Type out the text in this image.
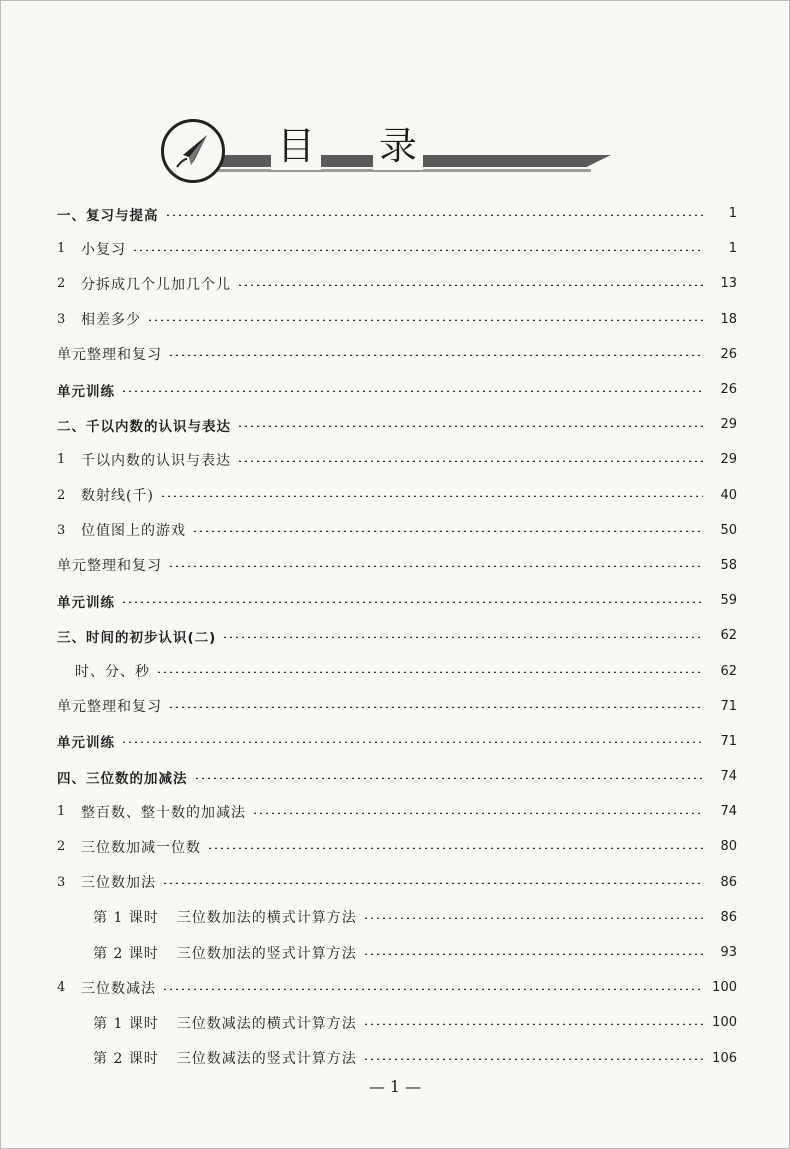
目 录
一、复习与提高	1
1	小复习	1
2	分拆成几个儿加几个儿	13
3	相差多少	18
单元整理和复习	26
单元训练	26
二、千以内数的认识与表达	29
1	千以内数的认识与表达	29
2	数射线(千)	40
3	位值图上的游戏	50
单元整理和复习	58
单元训练	59
三、时间的初步认识(二)	62
时、分、秒	62
单元整理和复习	71
单元训练	71
四、三位数的加减法	74
1	整百数、整十数的加减法	74
2	三位数加减一位数	80
3	三位数加法	86
第 1 课时 三位数加法的横式计算方法	86
第 2 课时 三位数加法的竖式计算方法	93
4	三位数减法	100
第 1 课时 三位数减法的横式计算方法	100
第 2 课时 三位数减法的竖式计算方法	106
— 1 —
